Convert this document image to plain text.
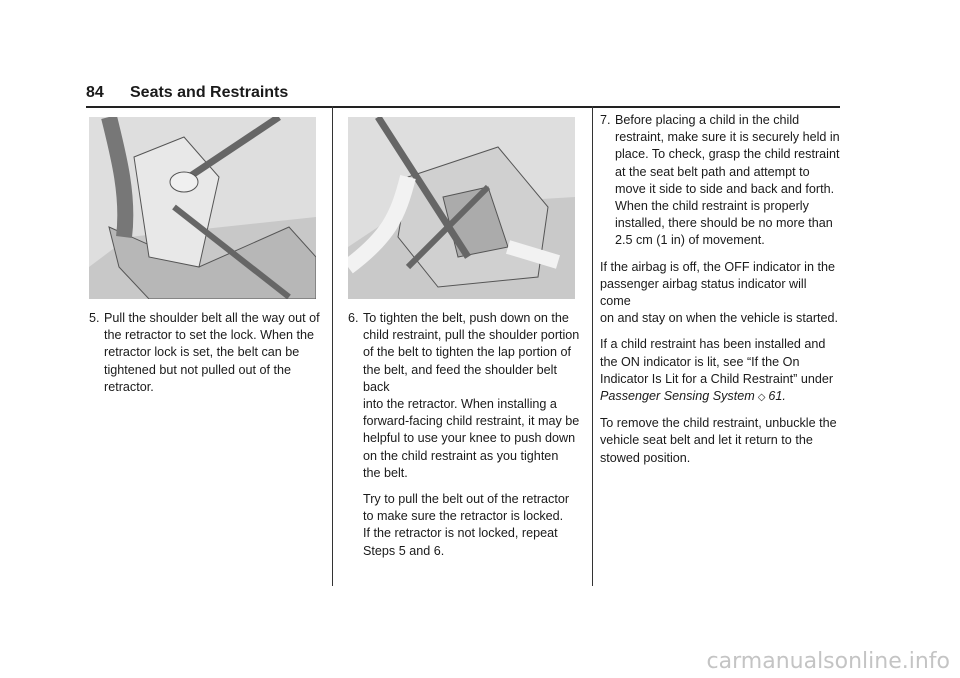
84 Seats and Restraints
5. Pull the shoulder belt all the way out of
the retractor to set the lock. When the
retractor lock is set, the belt can be
tightened but not pulled out of the
retractor.
6. To tighten the belt, push down on the
child restraint, pull the shoulder portion
of the belt to tighten the lap portion of
the belt, and feed the shoulder belt back
into the retractor. When installing a
forward-facing child restraint, it may be
helpful to use your knee to push down
on the child restraint as you tighten
the belt.
Try to pull the belt out of the retractor
to make sure the retractor is locked.
If the retractor is not locked, repeat
Steps 5 and 6.
7. Before placing a child in the child
restraint, make sure it is securely held in
place. To check, grasp the child restraint
at the seat belt path and attempt to
move it side to side and back and forth.
When the child restraint is properly
installed, there should be no more than
2.5 cm (1 in) of movement.
If the airbag is off, the OFF indicator in the
passenger airbag status indicator will come
on and stay on when the vehicle is started.
If a child restraint has been installed and
the ON indicator is lit, see “If the On
Indicator Is Lit for a Child Restraint” under
Passenger Sensing System ◇ 61.
To remove the child restraint, unbuckle the
vehicle seat belt and let it return to the
stowed position.
carmanualsonline.info
